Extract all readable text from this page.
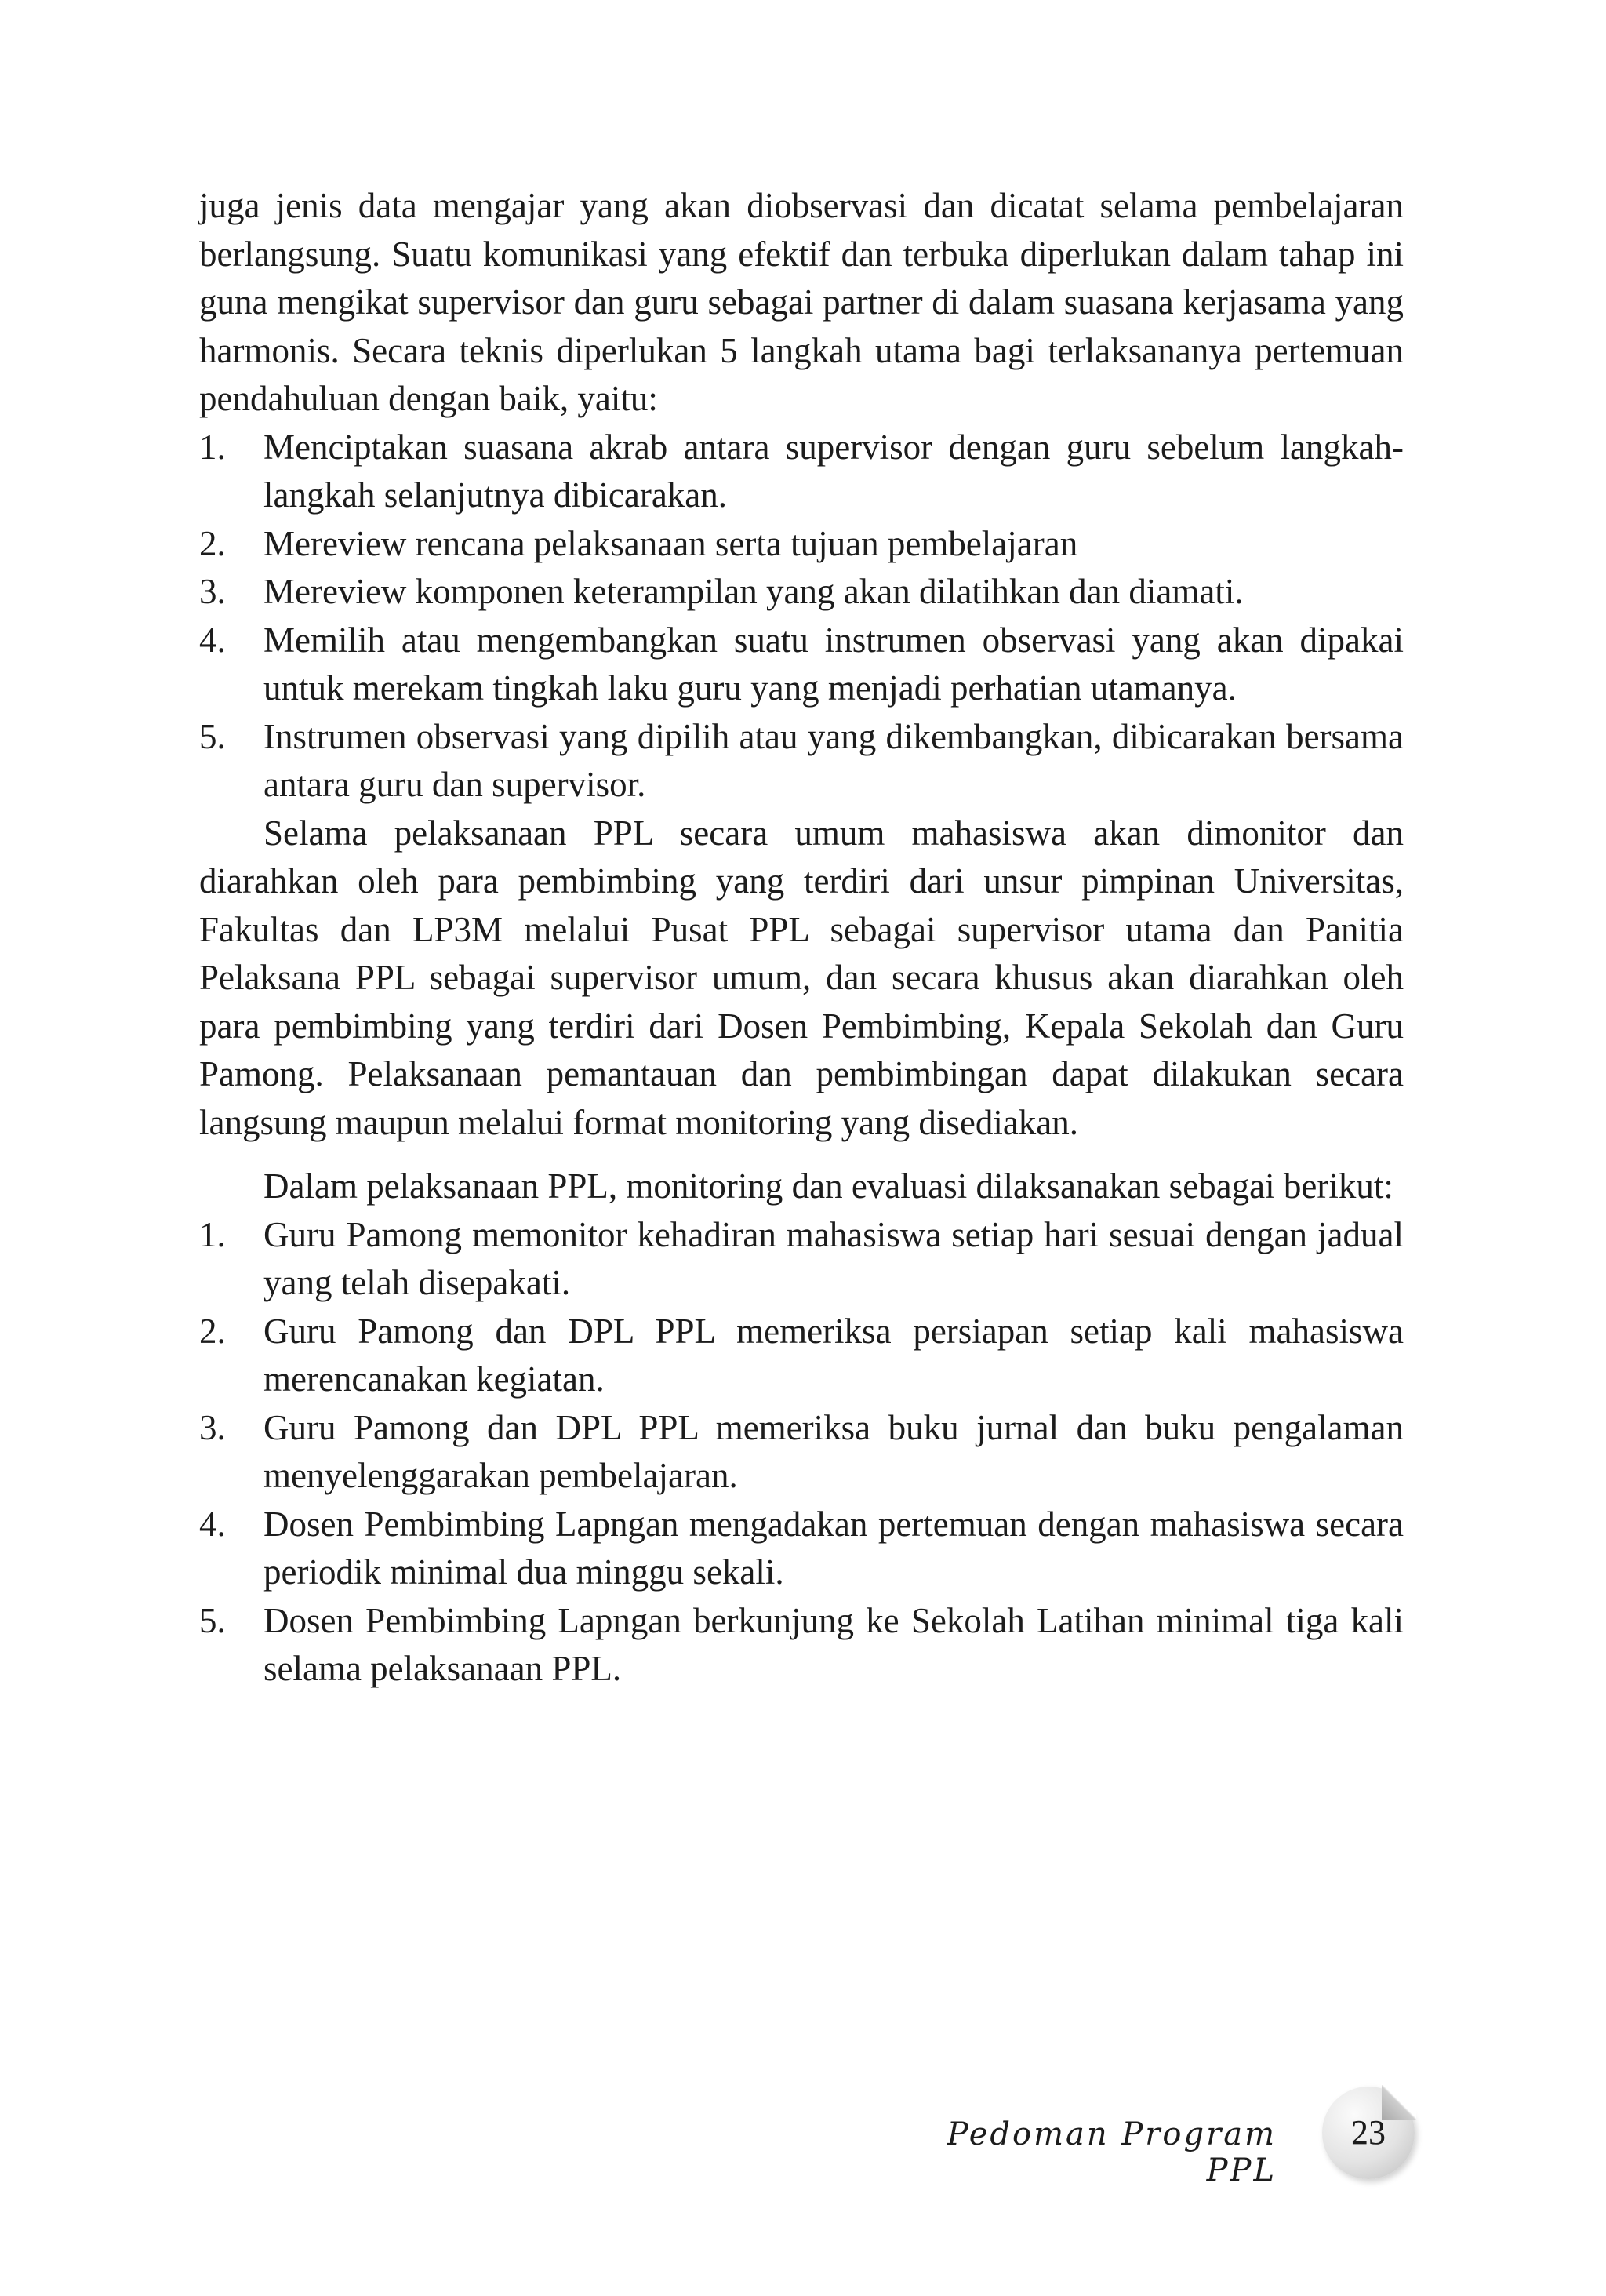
juga jenis data mengajar yang akan diobservasi dan dicatat selama pembelajaran berlangsung. Suatu komunikasi yang efektif dan terbuka diperlukan dalam tahap ini guna mengikat supervisor dan guru sebagai partner di dalam suasana kerjasama yang harmonis. Secara teknis diperlukan 5 langkah utama bagi terlaksananya pertemuan pendahuluan dengan baik, yaitu:

1. Menciptakan suasana akrab antara supervisor dengan guru sebelum langkah-langkah selanjutnya dibicarakan.
2. Mereview rencana pelaksanaan serta tujuan pembelajaran
3. Mereview komponen keterampilan yang akan dilatihkan dan diamati.
4. Memilih atau mengembangkan suatu instrumen observasi yang akan dipakai untuk merekam tingkah laku guru yang menjadi perhatian utamanya.
5. Instrumen observasi yang dipilih atau yang dikembangkan, dibicarakan bersama antara guru dan supervisor.

Selama pelaksanaan PPL secara umum mahasiswa akan dimonitor dan diarahkan oleh para pembimbing yang terdiri dari unsur pimpinan Universitas, Fakultas dan LP3M melalui Pusat PPL sebagai supervisor utama dan Panitia Pelaksana PPL sebagai supervisor umum, dan secara khusus akan diarahkan oleh para pembimbing yang terdiri dari Dosen Pembimbing, Kepala Sekolah dan Guru Pamong. Pelaksanaan pemantauan dan pembimbingan dapat dilakukan secara langsung maupun melalui format monitoring yang disediakan.

Dalam pelaksanaan PPL, monitoring dan evaluasi dilaksanakan sebagai berikut:

1. Guru Pamong memonitor kehadiran mahasiswa setiap hari sesuai dengan jadual yang telah disepakati.
2. Guru Pamong dan DPL PPL memeriksa persiapan setiap kali mahasiswa merencanakan kegiatan.
3. Guru Pamong dan DPL PPL memeriksa buku jurnal dan buku pengalaman menyelenggarakan pembelajaran.
4. Dosen Pembimbing Lapngan mengadakan pertemuan dengan mahasiswa secara periodik minimal dua minggu sekali.
5. Dosen Pembimbing Lapngan berkunjung ke Sekolah Latihan minimal tiga kali selama pelaksanaan PPL.
Pedoman Program PPL
23
